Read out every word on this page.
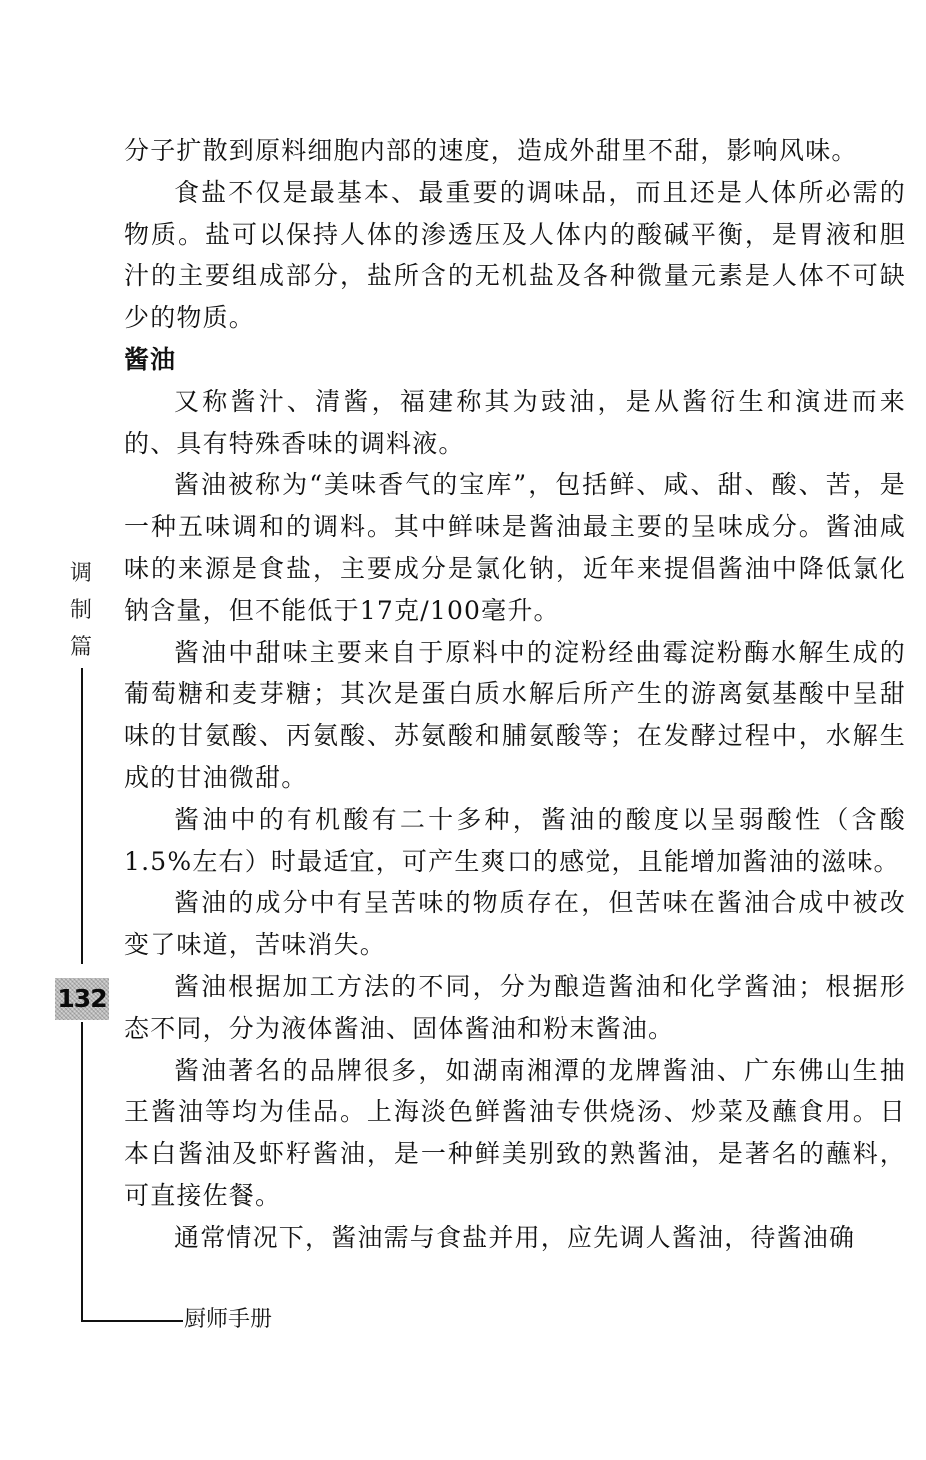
分子扩散到原料细胞内部的速度，造成外甜里不甜，影响风味。

食盐不仅是最基本、最重要的调味品，而且还是人体所必需的物质。盐可以保持人体的渗透压及人体内的酸碱平衡，是胃液和胆汁的主要组成部分，盐所含的无机盐及各种微量元素是人体不可缺少的物质。

酱油

又称酱汁、清酱，福建称其为豉油，是从酱衍生和演进而来的、具有特殊香味的调料液。

酱油被称为“美味香气的宝库”，包括鲜、咸、甜、酸、苦，是一种五味调和的调料。其中鲜味是酱油最主要的呈味成分。酱油咸味的来源是食盐，主要成分是氯化钠，近年来提倡酱油中降低氯化钠含量，但不能低于17克/100毫升。

酱油中甜味主要来自于原料中的淀粉经曲霉淀粉酶水解生成的葡萄糖和麦芽糖；其次是蛋白质水解后所产生的游离氨基酸中呈甜味的甘氨酸、丙氨酸、苏氨酸和脯氨酸等；在发酵过程中，水解生成的甘油微甜。

酱油中的有机酸有二十多种，酱油的酸度以呈弱酸性（含酸1.5%左右）时最适宜，可产生爽口的感觉，且能增加酱油的滋味。

酱油的成分中有呈苦味的物质存在，但苦味在酱油合成中被改变了味道，苦味消失。

酱油根据加工方法的不同，分为酿造酱油和化学酱油；根据形态不同，分为液体酱油、固体酱油和粉末酱油。

酱油著名的品牌很多，如湖南湘潭的龙牌酱油、广东佛山生抽王酱油等均为佳品。上海淡色鲜酱油专供烧汤、炒菜及蘸食用。日本白酱油及虾籽酱油，是一种鲜美别致的熟酱油，是著名的蘸料，可直接佐餐。

通常情况下，酱油需与食盐并用，应先调人酱油，待酱油确

调
制
篇
132
厨师手册
